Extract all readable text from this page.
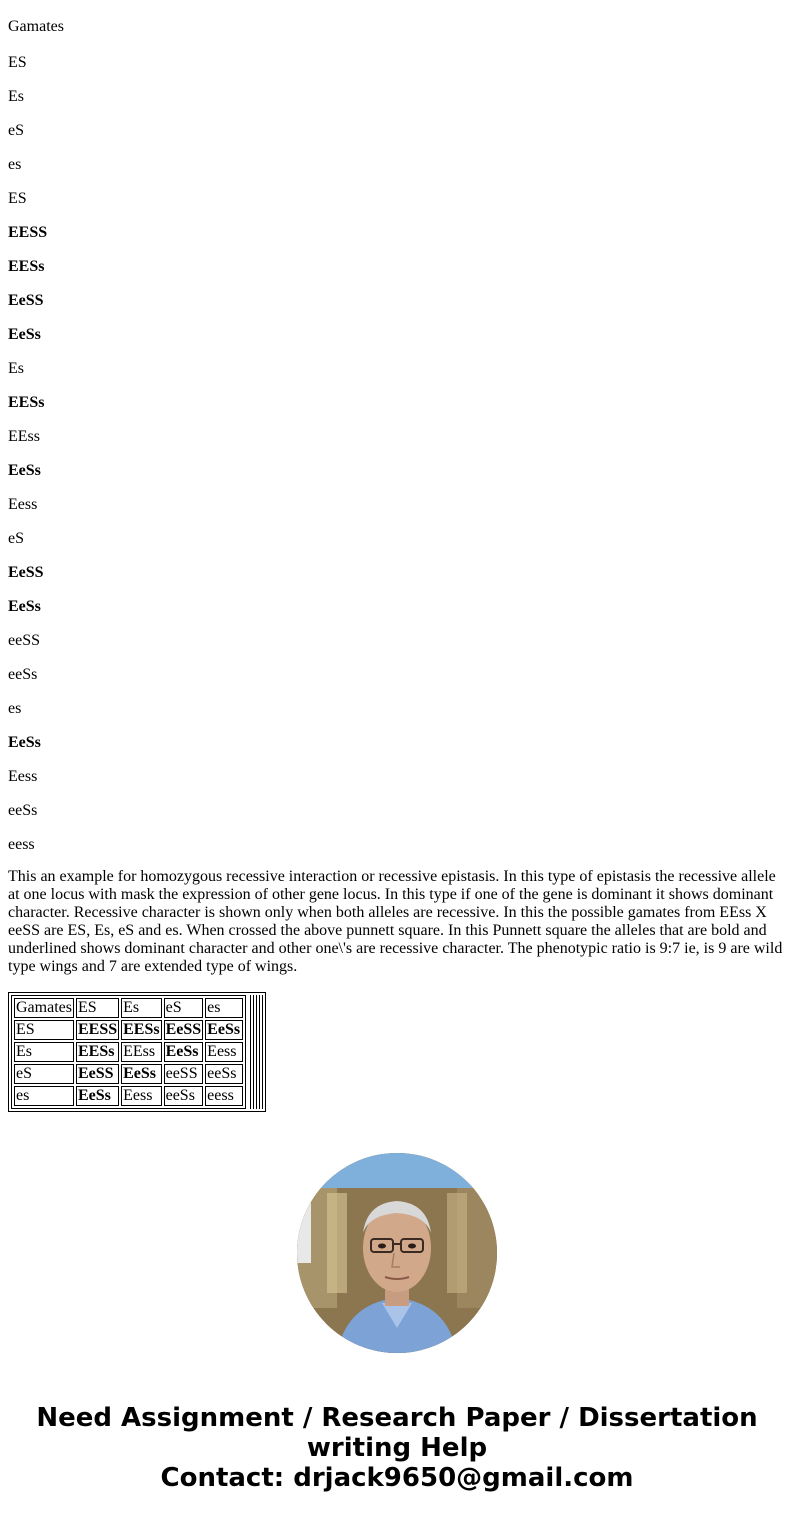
Gamates

ES

Es

eS

es

ES

EESS

EESs

EeSS

EeSs

Es

EESs

EEss

EeSs

Eess

eS

EeSS

EeSs

eeSS

eeSs

es

EeSs

Eess

eeSs

eess

This an example for homozygous recessive interaction or recessive epistasis. In this type of epistasis the recessive allele at one locus with mask the expression of other gene locus. In this type if one of the gene is dominant it shows dominant character. Recessive character is shown only when both alleles are recessive. In this the possible gamates from EEss X eeSS are ES, Es, eS and es. When crossed the above punnett square. In this Punnett square the alleles that are bold and underlined shows dominant character and other one\'s are recessive character. The phenotypic ratio is 9:7 ie, is 9 are wild type wings and 7 are extended type of wings.

Gamates	ES	Es	eS	es
ES	EESS	EESs	EeSS	EeSs
Es	EESs	EEss	EeSs	Eess
eS	EeSS	EeSs	eeSS	eeSs
es	EeSs	Eess	eeSs	eess
Need Assignment / Research Paper / Dissertation
writing Help
Contact: drjack9650@gmail.com
